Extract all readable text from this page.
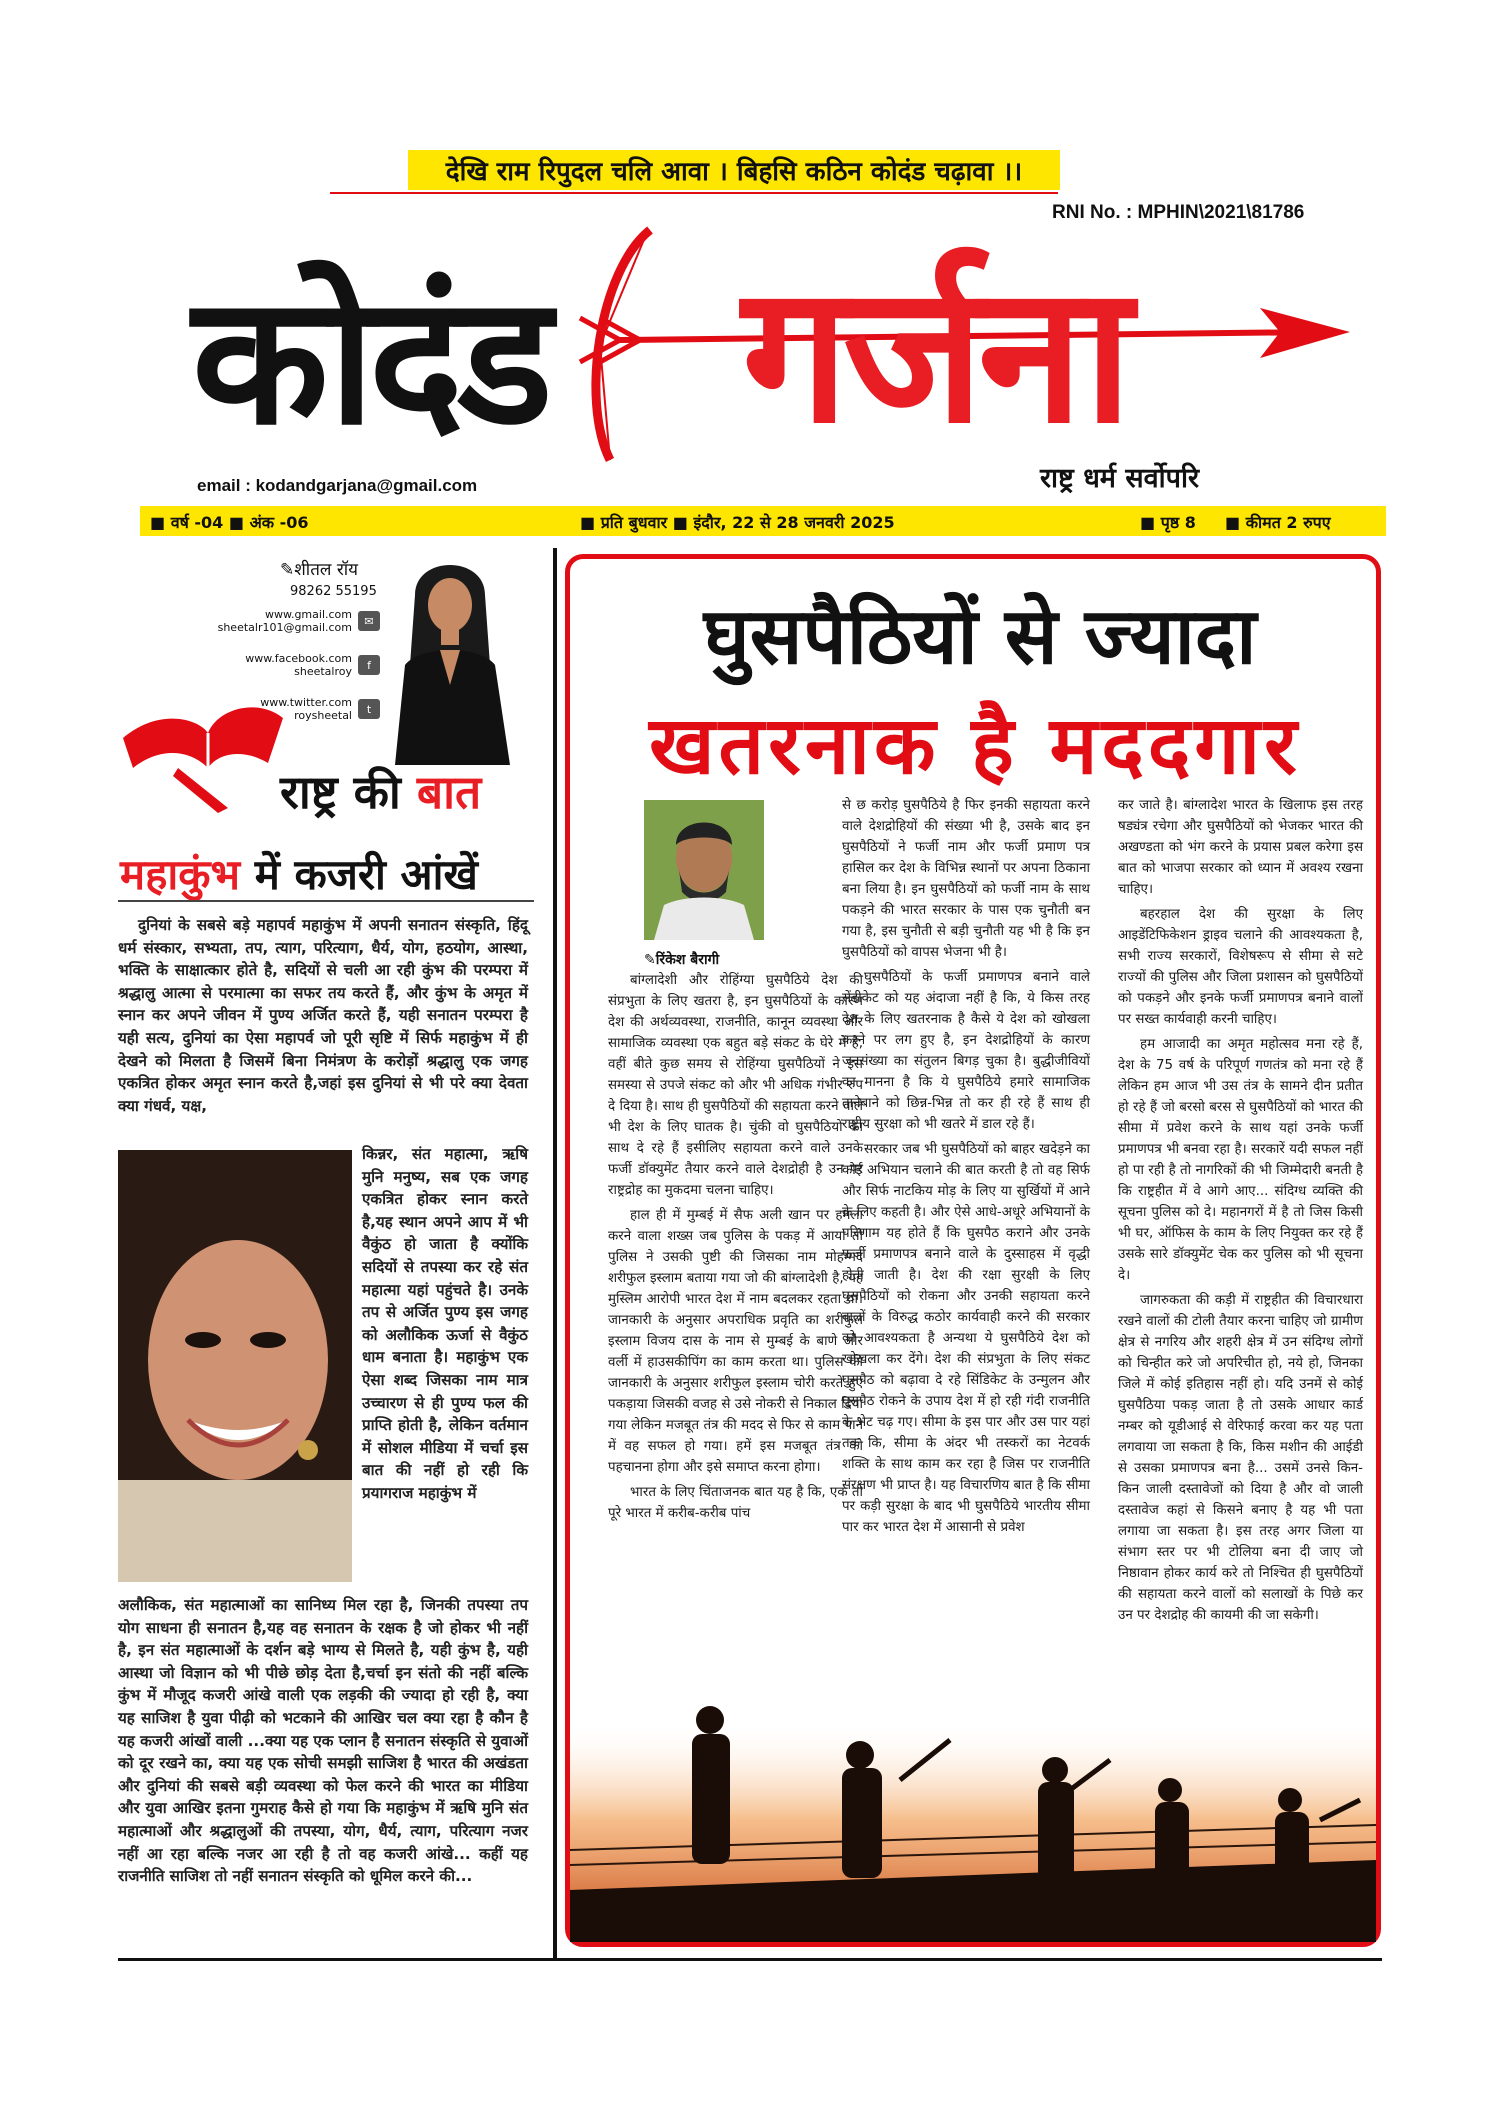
देखि राम रिपुदल चलि आवा । बिहसि कठिन कोदंड चढ़ावा ।।
RNI No. : MPHIN\2021\81786
कोदंड गर्जना
email : kodandgarjana@gmail.com	राष्ट्र धर्म सर्वोपरि
■ वर्ष -04 ■ अंक -06	■ प्रति बुधवार ■ इंदौर, 22 से 28 जनवरी 2025	■ पृष्ठ 8 ■ कीमत 2 रुपए
✎शीतल रॉय
98262 55195
www.gmail.com
sheetalr101@gmail.com	✉
www.facebook.com
sheetalroy	f
www.twitter.com
roysheetal	t
राष्ट्र की बात
महाकुंभ में कजरी आंखें

दुनियां के सबसे बड़े महापर्व महाकुंभ में अपनी सनातन संस्कृति, हिंदू धर्म संस्कार, सभ्यता, तप, त्याग, परित्याग, धैर्य, योग, हठयोग, आस्था, भक्ति के साक्षात्कार होते है, सदियों से चली आ रही कुंभ की परम्परा में श्रद्धालु आत्मा से परमात्मा का सफर तय करते हैं, और कुंभ के अमृत में स्नान कर अपने जीवन में पुण्य अर्जित करते हैं, यही सनातन परम्परा है यही सत्य, दुनियां का ऐसा महापर्व जो पूरी सृष्टि में सिर्फ महाकुंभ में ही देखने को मिलता है जिसमें बिना निमंत्रण के करोड़ों श्रद्धालु एक जगह एकत्रित होकर अमृत स्नान करते है,जहां इस दुनियां से भी परे क्या देवता क्या गंधर्व, यक्ष,

किन्नर, संत महात्मा, ऋषि मुनि मनुष्य, सब एक जगह एकत्रित होकर स्नान करते है,यह स्थान अपने आप में भी वैकुंठ हो जाता है क्योंकि सदियों से तपस्या कर रहे संत महात्मा यहां पहुंचते है। उनके तप से अर्जित पुण्य इस जगह को अलौकिक ऊर्जा से वैकुंठ धाम बनाता है। महाकुंभ एक ऐसा शब्द जिसका नाम मात्र उच्चारण से ही पुण्य फल की प्राप्ति होती है, लेकिन वर्तमान में सोशल मीडिया में चर्चा इस बात की नहीं हो रही कि प्रयागराज महाकुंभ में

अलौकिक, संत महात्माओं का सानिध्य मिल रहा है, जिनकी तपस्या तप योग साधना ही सनातन है,यह वह सनातन के रक्षक है जो होकर भी नहीं है, इन संत महात्माओं के दर्शन बड़े भाग्य से मिलते है, यही कुंभ है, यही आस्था जो विज्ञान को भी पीछे छोड़ देता है,चर्चा इन संतो की नहीं बल्कि कुंभ में मौजूद कजरी आंखे वाली एक लड़की की ज्यादा हो रही है, क्या यह साजिश है युवा पीढ़ी को भटकाने की आखिर चल क्या रहा है कौन है यह कजरी आंखों वाली ...क्या यह एक प्लान है सनातन संस्कृति से युवाओं को दूर रखने का, क्या यह एक सोची समझी साजिश है भारत की अखंडता और दुनियां की सबसे बड़ी व्यवस्था को फेल करने की भारत का मीडिया और युवा आखिर इतना गुमराह कैसे हो गया कि महाकुंभ में ऋषि मुनि संत महात्माओं और श्रद्धालुओं की तपस्या, योग, धैर्य, त्याग, परित्याग नजर नहीं आ रहा बल्कि नजर आ रही है तो वह कजरी आंखे... कहीं यह राजनीति साजिश तो नहीं सनातन संस्कृति को धूमिल करने की...

घुसपैठियों से ज्यादा
खतरनाक है मददगार
✎रिंकेश बैरागी

बांग्लादेशी और रोहिंग्या घुसपैठिये देश की संप्रभुता के लिए खतरा है, इन घुसपैठियों के कारण देश की अर्थव्यवस्था, राजनीति, कानून व्यवस्था और सामाजिक व्यवस्था एक बहुत बड़े संकट के घेरे में है, वहीं बीते कुछ समय से रोहिंग्या घुसपैठियों ने इस समस्या से उपजे संकट को और भी अधिक गंभीर रुप दे दिया है। साथ ही घुसपैठियों की सहायता करने वाले भी देश के लिए घातक है। चुंकी वो घुसपैठियों का साथ दे रहे हैं इसीलिए सहायता करने वाले उनके फर्जी डॉक्युमेंट तैयार करने वाले देशद्रोही है उन पर राष्ट्रद्रोह का मुकदमा चलना चाहिए।

हाल ही में मुम्बई में सैफ अली खान पर हमला करने वाला शख्स जब पुलिस के पकड़ में आया तो पुलिस ने उसकी पुष्टी की जिसका नाम मोहम्मद शरीफुल इस्लाम बताया गया जो की बांग्लादेशी है, यह मुस्लिम आरोपी भारत देश में नाम बदलकर रहता था। जानकारी के अनुसार अपराधिक प्रवृति का शरीफुल इस्लाम विजय दास के नाम से मुम्बई के बाणे और वर्ली में हाउसकीपिंग का काम करता था। पुलिस की जानकारी के अनुसार शरीफुल इस्लाम चोरी करते हुए पकड़ाया जिसकी वजह से उसे नोकरी से निकाल दिया गया लेकिन मजबूत तंत्र की मदद से फिर से काम पाने में वह सफल हो गया। हमें इस मजबूत तंत्र को पहचानना होगा और इसे समाप्त करना होगा।

भारत के लिए चिंताजनक बात यह है कि, एक तो पूरे भारत में करीब-करीब पांच

से छ करोड़ घुसपैठिये है फिर इनकी सहायता करने वाले देशद्रोहियों की संख्या भी है, उसके बाद इन घुसपैठियों ने फर्जी नाम और फर्जी प्रमाण पत्र हासिल कर देश के विभिन्न स्थानों पर अपना ठिकाना बना लिया है। इन घुसपैठियों को फर्जी नाम के साथ पकड़ने की भारत सरकार के पास एक चुनौती बन गया है, इस चुनौती से बड़ी चुनौती यह भी है कि इन घुसपैठियों को वापस भेजना भी है।

घुसपैठियों के फर्जी प्रमाणपत्र बनाने वाले सेंडीकेट को यह अंदाजा नहीं है कि, ये किस तरह देश के लिए खतरनाक है कैसे ये देश को खोखला करने पर लग हुए है, इन देशद्रोहियों के कारण जनसंख्या का संतुलन बिगड़ चुका है। बुद्धीजीवियों का मानना है कि ये घुसपैठिये हमारे सामाजिक तानेबाने को छिन्न-भिन्न तो कर ही रहे हैं साथ ही राष्ट्रीय सुरक्षा को भी खतरे में डाल रहे हैं।

सरकार जब भी घुसपैठियों को बाहर खदेड़ने का कोई अभियान चलाने की बात करती है तो वह सिर्फ और सिर्फ नाटकिय मोड़ के लिए या सुर्खियों में आने के लिए कहती है। और ऐसे आधे-अधूरे अभियानों के परिणाम यह होते हैं कि घुसपैठ कराने और उनके फर्जी प्रमाणपत्र बनाने वाले के दुस्साहस में वृद्धी होती जाती है। देश की रक्षा सुरक्षी के लिए घुसपैठियों को रोकना और उनकी सहायता करने वालों के विरुद्ध कठोर कार्यवाही करने की सरकार को आवश्यकता है अन्यथा ये घुसपैठिये देश को खोखला कर देंगे। देश की संप्रभुता के लिए संकट घुसपैठ को बढ़ावा दे रहे सिंडिकेट के उन्मुलन और घुसपैठ रोकने के उपाय देश में हो रही गंदी राजनीति के भेट चढ़ गए। सीमा के इस पार और उस पार यहां तक कि, सीमा के अंदर भी तस्करों का नेटवर्क शक्ति के साथ काम कर रहा है जिस पर राजनीति संरक्षण भी प्राप्त है। यह विचारणिय बात है कि सीमा पर कड़ी सुरक्षा के बाद भी घुसपैठिये भारतीय सीमा पार कर भारत देश में आसानी से प्रवेश

कर जाते है। बांग्लादेश भारत के खिलाफ इस तरह षड्यंत्र रचेगा और घुसपैठियों को भेजकर भारत की अखण्डता को भंग करने के प्रयास प्रबल करेगा इस बात को भाजपा सरकार को ध्यान में अवश्य रखना चाहिए।

बहरहाल देश की सुरक्षा के लिए आइडेंटिफिकेशन ड्राइव चलाने की आवश्यकता है, सभी राज्य सरकारों, विशेषरूप से सीमा से सटे राज्यों की पुलिस और जिला प्रशासन को घुसपैठियों को पकड़ने और इनके फर्जी प्रमाणपत्र बनाने वालों पर सख्त कार्यवाही करनी चाहिए।

हम आजादी का अमृत महोत्सव मना रहे हैं, देश के 75 वर्ष के परिपूर्ण गणतंत्र को मना रहे हैं लेकिन हम आज भी उस तंत्र के सामने दीन प्रतीत हो रहे हैं जो बरसो बरस से घुसपैठियों को भारत की सीमा में प्रवेश करने के साथ यहां उनके फर्जी प्रमाणपत्र भी बनवा रहा है। सरकारें यदी सफल नहीं हो पा रही है तो नागरिकों की भी जिम्मेदारी बनती है कि राष्ट्रहीत में वे आगे आए... संदिग्ध व्यक्ति की सूचना पुलिस को दे। महानगरों में है तो जिस किसी भी घर, ऑफिस के काम के लिए नियुक्त कर रहे हैं उसके सारे डॉक्युमेंट चेक कर पुलिस को भी सूचना दे।

जागरुकता की कड़ी में राष्ट्रहीत की विचारधारा रखने वालों की टोली तैयार करना चाहिए जो ग्रामीण क्षेत्र से नगरिय और शहरी क्षेत्र में उन संदिग्ध लोगों को चिन्हीत करे जो अपरिचीत हो, नये हो, जिनका जिले में कोई इतिहास नहीं हो। यदि उनमें से कोई घुसपैठिया पकड़ जाता है तो उसके आधार कार्ड नम्बर को यूडीआई से वेरिफाई करवा कर यह पता लगवाया जा सकता है कि, किस मशीन की आईडी से उसका प्रमाणपत्र बना है... उसमें उनसे किन-किन जाली दस्तावेजों को दिया है और वो जाली दस्तावेज कहां से किसने बनाए है यह भी पता लगाया जा सकता है। इस तरह अगर जिला या संभाग स्तर पर भी टोलिया बना दी जाए जो निष्ठावान होकर कार्य करे तो निश्चित ही घुसपैठियों की सहायता करने वालों को सलाखों के पिछे कर उन पर देशद्रोह की कायमी की जा सकेगी।
